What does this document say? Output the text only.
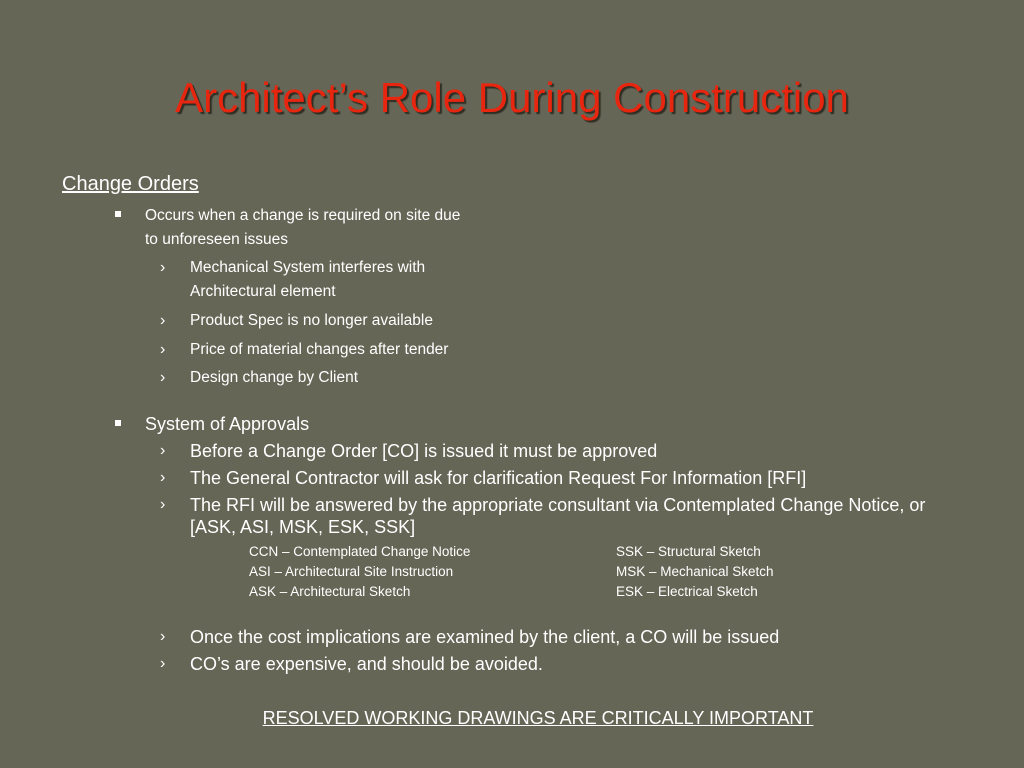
Architect’s Role During Construction
Change Orders
Occurs when a change is required on site due
to unforeseen issues
› Mechanical System interferes with
Architectural element
› Product Spec is no longer available
› Price of material changes after tender
› Design change by Client
System of Approvals
› Before a Change Order [CO] is issued it must be approved
› The General Contractor will ask for clarification Request For Information [RFI]
› The RFI will be answered by the appropriate consultant via Contemplated Change Notice, or
[ASK, ASI, MSK, ESK, SSK]
CCN – Contemplated Change Notice
ASI – Architectural Site Instruction
ASK – Architectural Sketch
SSK – Structural Sketch
MSK – Mechanical Sketch
ESK – Electrical Sketch
› Once the cost implications are examined by the client, a CO will be issued
› CO’s are expensive, and should be avoided.
RESOLVED WORKING DRAWINGS ARE CRITICALLY IMPORTANT
